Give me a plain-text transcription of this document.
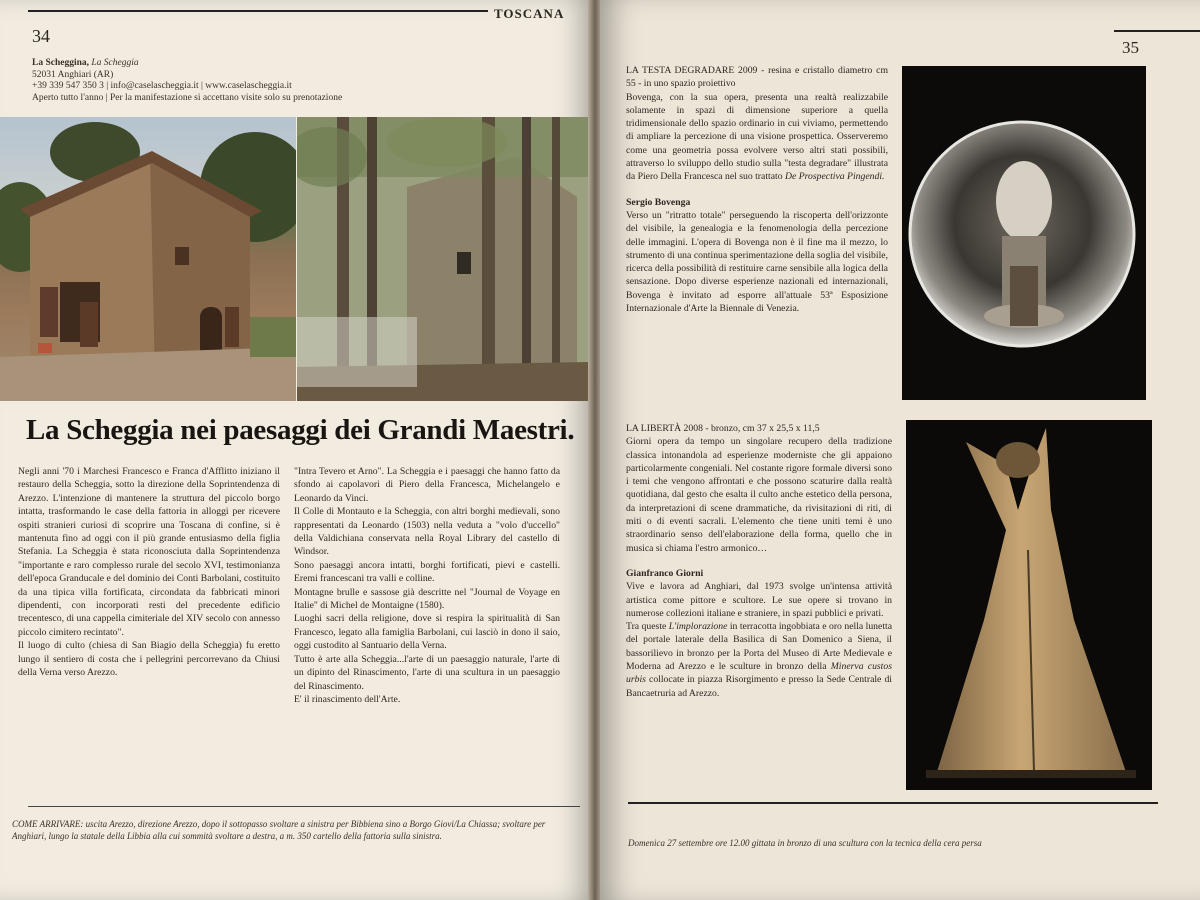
TOSCANA
34
La Scheggina, La Scheggia
52031 Anghiari (AR)
+39 339 547 350 3 | info@caselascheggia.it | www.caselascheggia.it
Aperto tutto l'anno | Per la manifestazione si accettano visite solo su prenotazione
La Scheggia nei paesaggi dei Grandi Maestri.

Negli anni '70 i Marchesi Francesco e Franca d'Afflitto iniziano il restauro della Scheggia, sotto la direzione della Soprintendenza di Arezzo. L'intenzione di mantenere la struttura del piccolo borgo intatta, trasformando le case della fattoria in alloggi per ricevere ospiti stranieri curiosi di scoprire una Toscana di confine, si è mantenuta fino ad oggi con il più grande entusiasmo della figlia Stefania. La Scheggia è stata riconosciuta dalla Soprintendenza "importante e raro complesso rurale del secolo XVI, testimonianza dell'epoca Granducale e del dominio dei Conti Barbolani, costituito da una tipica villa fortificata, circondata da fabbricati minori dipendenti, con incorporati resti del precedente edificio trecentesco, di una cappella cimiteriale del XIV secolo con annesso piccolo cimitero recintato".

Il luogo di culto (chiesa di San Biagio della Scheggia) fu eretto lungo il sentiero di costa che i pellegrini percorrevano da Chiusi della Verna verso Arezzo.

"Intra Tevero et Arno". La Scheggia e i paesaggi che hanno fatto da sfondo ai capolavori di Piero della Francesca, Michelangelo e Leonardo da Vinci.

Il Colle di Montauto e la Scheggia, con altri borghi medievali, sono rappresentati da Leonardo (1503) nella veduta a "volo d'uccello" della Valdichiana conservata nella Royal Library del castello di Windsor.

Sono paesaggi ancora intatti, borghi fortificati, pievi e castelli. Eremi francescani tra valli e colline.

Montagne brulle e sassose già descritte nel "Journal de Voyage en Italie" di Michel de Montaigne (1580).

Luoghi sacri della religione, dove si respira la spiritualità di San Francesco, legato alla famiglia Barbolani, cui lasciò in dono il saio, oggi custodito al Santuario della Verna.

Tutto è arte alla Scheggia...l'arte di un paesaggio naturale, l'arte di un dipinto del Rinascimento, l'arte di una scultura in un paesaggio del Rinascimento.

E' il rinascimento dell'Arte.

COME ARRIVARE: uscita Arezzo, direzione Arezzo, dopo il sottopasso svoltare a sinistra per Bibbiena sino a Borgo Giovi/La Chiassa; svoltare per Anghiari, lungo la statale della Libbia alla cui sommità svoltare a destra, a m. 350 cartello della fattoria sulla sinistra.
35

LA TESTA DEGRADARE 2009 - resina e cristallo diametro cm 55 - in uno spazio proiettivo

Bovenga, con la sua opera, presenta una realtà realizzabile solamente in spazi di dimensione superiore a quella tridimensionale dello spazio ordinario in cui viviamo, permettendo di ampliare la percezione di una visione prospettica. Osserveremo come una geometria possa evolvere verso altri stati possibili, attraverso lo sviluppo dello studio sulla "testa degradare" illustrata da Piero Della Francesca nel suo trattato De Prospectiva Pingendi.

Sergio Bovenga

Verso un "ritratto totale" perseguendo la riscoperta dell'orizzonte del visibile, la genealogia e la fenomenologia della percezione delle immagini. L'opera di Bovenga non è il fine ma il mezzo, lo strumento di una continua sperimentazione della soglia del visibile, ricerca della possibilità di restituire carne sensibile alla logica della sensazione. Dopo diverse esperienze nazionali ed internazionali, Bovenga è invitato ad esporre all'attuale 53ª Esposizione Internazionale d'Arte la Biennale di Venezia.

LA LIBERTÀ 2008 - bronzo, cm 37 x 25,5 x 11,5

Giorni opera da tempo un singolare recupero della tradizione classica intonandola ad esperienze moderniste che gli appaiono particolarmente congeniali. Nel costante rigore formale diversi sono i temi che vengono affrontati e che possono scaturire dalla realtà quotidiana, dal gesto che esalta il culto anche estetico della persona, da interpretazioni di scene drammatiche, da rivisitazioni di riti, di miti o di eventi sacrali. L'elemento che tiene uniti temi è uno straordinario senso dell'elaborazione della forma, quello che in musica si chiama l'estro armonico…

Gianfranco Giorni

Vive e lavora ad Anghiari, dal 1973 svolge un'intensa attività artistica come pittore e scultore. Le sue opere si trovano in numerose collezioni italiane e straniere, in spazi pubblici e privati.

Tra queste L'implorazione in terracotta ingobbiata e oro nella lunetta del portale laterale della Basilica di San Domenico a Siena, il bassorilievo in bronzo per la Porta del Museo di Arte Medievale e Moderna ad Arezzo e le sculture in bronzo della Minerva custos urbis collocate in piazza Risorgimento e presso la Sede Centrale di Bancaetruria ad Arezzo.

Domenica 27 settembre ore 12.00 gittata in bronzo di una scultura con la tecnica della cera persa
